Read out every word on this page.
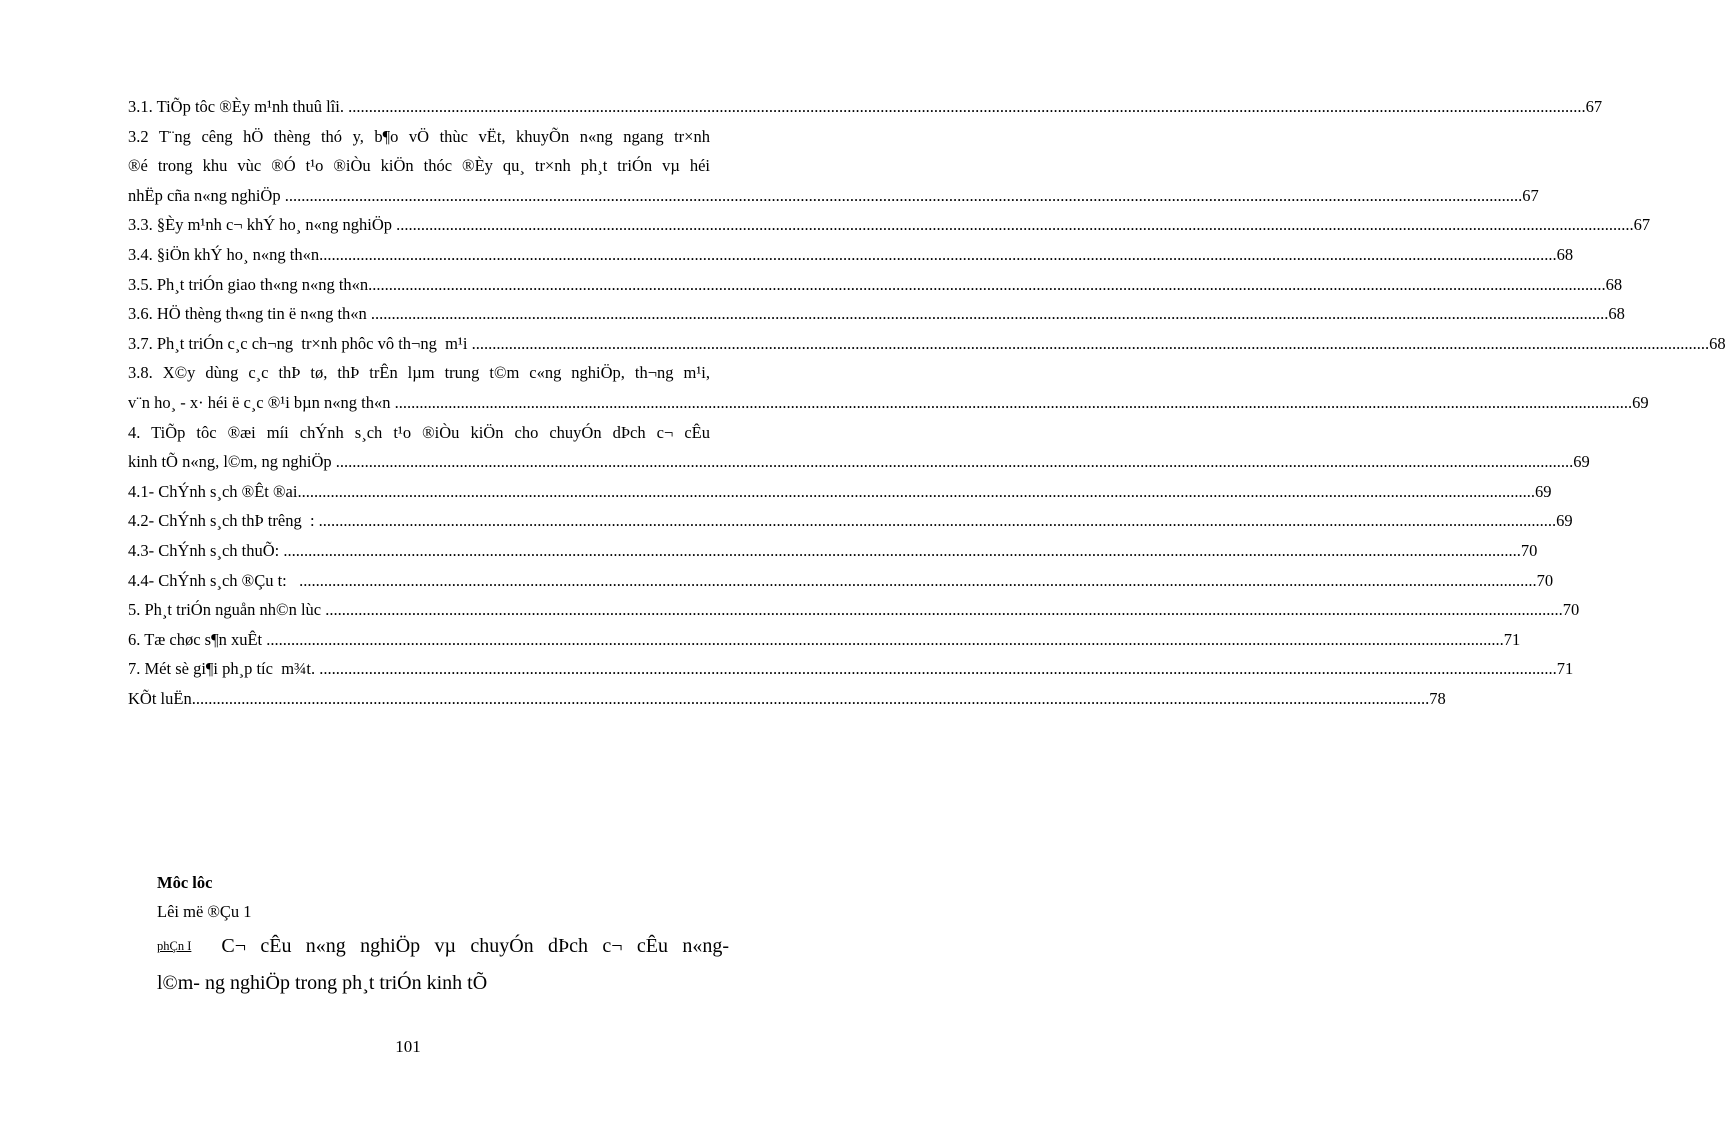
3.1. TiÕp tôc ®Èy m¹nh thuû lîi. ............................................................................................................................................................................................................................................................................................................ 67
3.2 T¨ng cêng hÖ thèng thó y, b¶o vÖ thùc vËt, khuyÕn n«ng ngang tr×nh
®é trong khu vùc ®Ó t¹o ®iÒu kiÖn thóc ®Èy qu¸ tr×nh ph¸t triÓn vµ héi
nhËp cña n«ng nghiÖp ............................................................................................................................................................................................................................................................................................................ 67
3.3. §Èy m¹nh c¬ khÝ ho¸ n«ng nghiÖp ............................................................................................................................................................................................................................................................................................................ 67
3.4. §iÖn khÝ ho¸ n«ng th«n ............................................................................................................................................................................................................................................................................................................ 68
3.5. Ph¸t triÓn giao th«ng n«ng th«n ............................................................................................................................................................................................................................................................................................................ 68
3.6. HÖ thèng th«ng tin ë n«ng th«n ............................................................................................................................................................................................................................................................................................................ 68
3.7. Ph¸t triÓn c¸c ch¬ng  tr×nh phôc vô th¬ng  m¹i ............................................................................................................................................................................................................................................................................................................ 68
3.8. X©y dùng c¸c thÞ tø, thÞ trÊn lµm trung t©m c«ng nghiÖp, th¬ng m¹i,
v¨n ho¸ - x· héi ë c¸c ®¹i bµn n«ng th«n ............................................................................................................................................................................................................................................................................................................ 69
4. TiÕp tôc ®æi míi chÝnh s¸ch t¹o ®iÒu kiÖn cho chuyÓn dÞch c¬ cÊu
kinh tÕ n«ng, l©m, ng nghiÖp ............................................................................................................................................................................................................................................................................................................ 69
4.1- ChÝnh s¸ch ®Êt ®ai ............................................................................................................................................................................................................................................................................................................ 69
4.2- ChÝnh s¸ch thÞ trêng  : ............................................................................................................................................................................................................................................................................................................ 69
4.3- ChÝnh s¸ch thuÕ: ............................................................................................................................................................................................................................................................................................................ 70
4.4- ChÝnh s¸ch ®Çu t: ............................................................................................................................................................................................................................................................................................................ 70
5. Ph¸t triÓn nguån nh©n lùc ............................................................................................................................................................................................................................................................................................................ 70
6. Tæ chøc s¶n xuÊt ............................................................................................................................................................................................................................................................................................................ 71
7. Mét sè gi¶i ph¸p tíc  m¾t. ............................................................................................................................................................................................................................................................................................................ 71
KÕt luËn ............................................................................................................................................................................................................................................................................................................ 78
Môc lôc
Lêi më ®Çu 1
phÇn I C¬ cÊu n«ng nghiÖp vµ chuyÓn dÞch c¬ cÊu n«ng-
l©m- ng nghiÖp trong ph¸t triÓn kinh tÕ
101
